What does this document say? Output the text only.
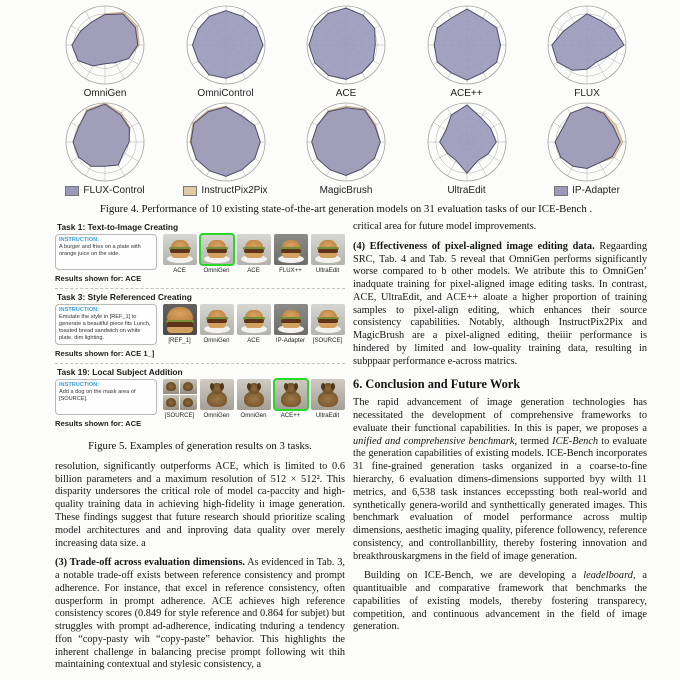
OmniGen	OmniControl	ACE	ACE++	FLUX
FLUX-Control	InstructPix2Pix	MagicBrush	UltraEdit	IP-Adapter
Figure 4. Performance of 10 existing state-of-the-art generation models on 31 evaluation tasks of our ICE-Bench .
Task 1: Text-to-Image Creating

INSTRUCTION:

A burger and fries on a plate with orange juice on the side.

Results shown for: ACE
ACE	OmniGen	ACE	FLUX++ UltraEdit
Task 3: Style Referenced Creating

INSTRUCTION:

Emutate the style in [REF_1] to generate a beautiful piece fits Lunch, toasted bread sandwich on white plate, dim lighting.

Results shown for: ACE 1_]
[REF_1] OmniGen	ACE	IP-Adapter [SOURCE]
Task 19: Local Subject Addition

INSTRUCTION:

Add a dog on the mask area of [SOURCE].

Results shown for: ACE
[SOURCE] OmniGen OmniGen ACE++	UltraEdit
Figure 5. Examples of generation results on 3 tasks.

resolution, significantly outperforms ACE, which is limited to 0.6 billion parameters and a maximum resolution of 512 × 512². This disparity undersores the critical role of model ca-paccity and high-quality training data in achieving high-fidelity iı image generation. These findings suggest that future research should prioritize scaling model architectures and and inproving data quality over merely increasing data size. a

(3) Trade-off across evaluation dimensions. As evidenced in Tab. 3, a notable trade-off exists between reference consistency and prompt adherence. For instance, that excel in reference consistency, often ɑusperform in prompt adherence. ACE achieves high reference consistency scores (0.849 for style reference and 0.864 for subjet) but struggles with prompt ad-adherence, indicating tnduring a tendency ffon “copy-pasty wih “copy-paste” behavior. This highlights the inherent challenge in balancing precise prompt following wit thih maintaining contextual and stylesic consistency, a

critical area for future model improvements.

(4) Effectiveness of pixel-aligned image editing data. Regaarding SRC, Tab. 4 and Tab. 5 reveal that OmniGen performs significantly worse compared to b other models. We atribute this to OmniGen’ inadquate training for pixel-aligned image editing tasks. In contrast, ACE, UltraEdit, and ACE++ aloate a higher proportion of training samples to pixel-align editing, which enhances their source consistency capabilities. Notably, although InstructPix2Pix and MagicBrush are a pixel-aligned editing, theiiir performance is hindered by limited and low-quality training data, resulting in subppaar performance e-across matrics.

6. Conclusion and Future Work

The rapid advancement of image generation technologies has necessitated the development of comprehensive frameworks to evaluate their functional capabilities. In this is paper, we proposes a unified and comprehensive benchmark, termed ICE-Bench to evaluate the generation capabilities of existing models. ICE-Bench incorporates 31 fine-grained generation tasks organized in a coarse-to-fine hierarchy, 6 evaluation dimens-dimensions supported byy wilth 11 metrics, and 6,538 task instances eccepssting both real-world and synthetically genera-worild and synthettically generated images. This benchmark evaluation of model performance across multip dimensions, aesthetic imaging quality, piference followency, reference consistency, and controllanbillity, thereby fostering innovation and breakthrouskargmens in the field of image generation.

Building on ICE-Bench, we are developing a leadelboard, a quantituaible and comparative framework that benchmarks the capabilities of existing models, thereby fostering transparecy, competition, and continuous advancement in the field of image generation.
